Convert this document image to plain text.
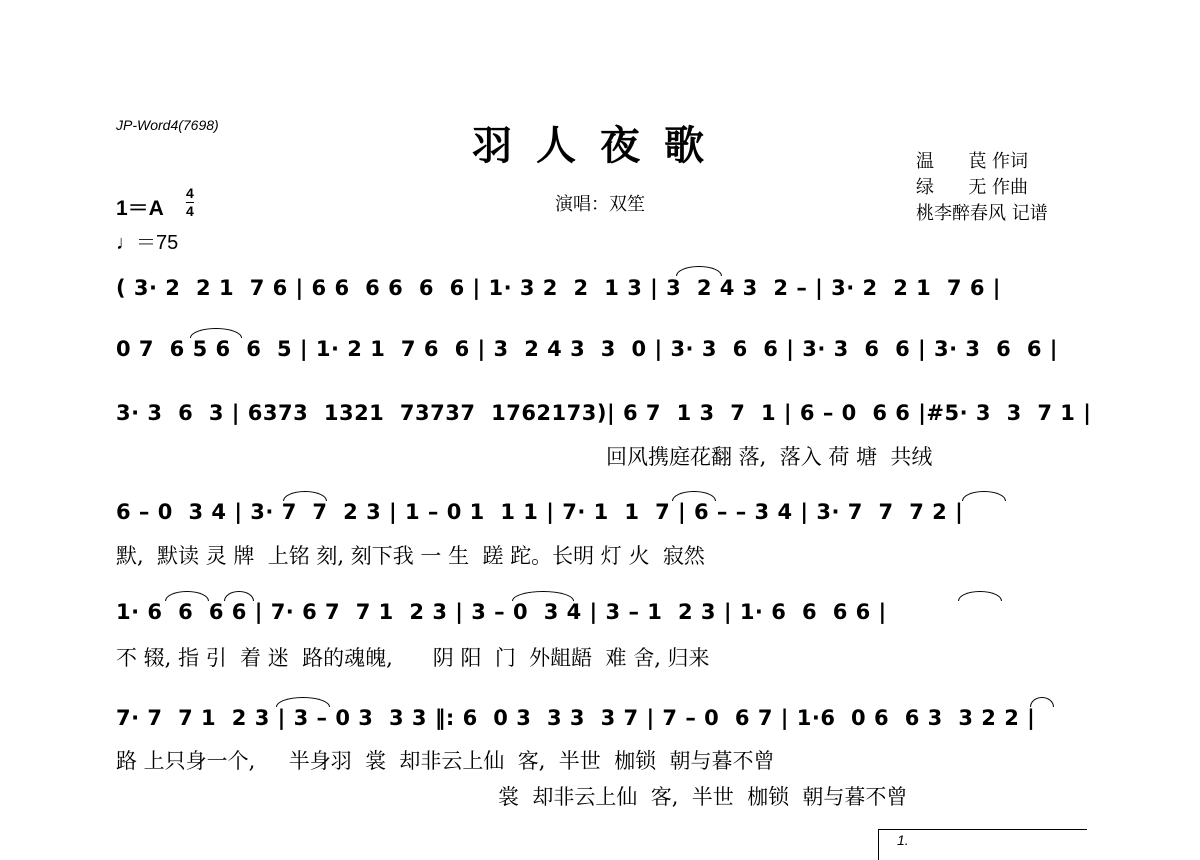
JP-Word4(7698)	羽人夜歌
演唱：双笙
温      苠 作词
绿      无 作曲
桃李醉春风 记谱
1＝A
4
4
♩＝75
( 3· 2  2 1  7 6 | 6 6  6 6  6  6 | 1· 3 2  2  1 3 | 3  2 4 3  2 – | 3· 2  2 1  7 6 |
0 7  6 5 6  6  5 | 1· 2 1  7 6  6 | 3  2 4 3  3  0 | 3· 3  6  6 | 3· 3  6  6 | 3· 3  6  6 |
3· 3  6  3 | 6373  1321  73737  1762173)| 6 7  1 3  7  1 | 6 – 0  6 6 |#5· 3  3  7 1 |
回风携庭花翻 落,  落入 荷 塘  共绒
6 – 0  3 4 | 3· 7  7  2 3 | 1 – 0 1  1 1 | 7· 1  1  7 | 6 – – 3 4 | 3· 7  7  7 2 |
默,  默读 灵 牌  上铭 刻, 刻下我 一 生  蹉 跎。长明 灯 火  寂然
1· 6  6  6 6 | 7· 6 7  7 1  2 3 | 3 – 0  3 4 | 3 – 1  2 3 | 1· 6  6  6 6 |
不 辍, 指 引  着 迷  路的魂魄,      阴 阳  门  外龃龉  难 舍, 归来
7· 7  7 1  2 3 | 3 – 0 3  3 3 ‖: 6  0 3  3 3  3 7 | 7 – 0  6 7 | 1·6  0 6  6 3  3 2 2 |
路 上只身一个,     半身羽  裳  却非云上仙  客,  半世  枷锁  朝与暮不曾
裳  却非云上仙  客,  半世  枷锁  朝与暮不曾
1.
